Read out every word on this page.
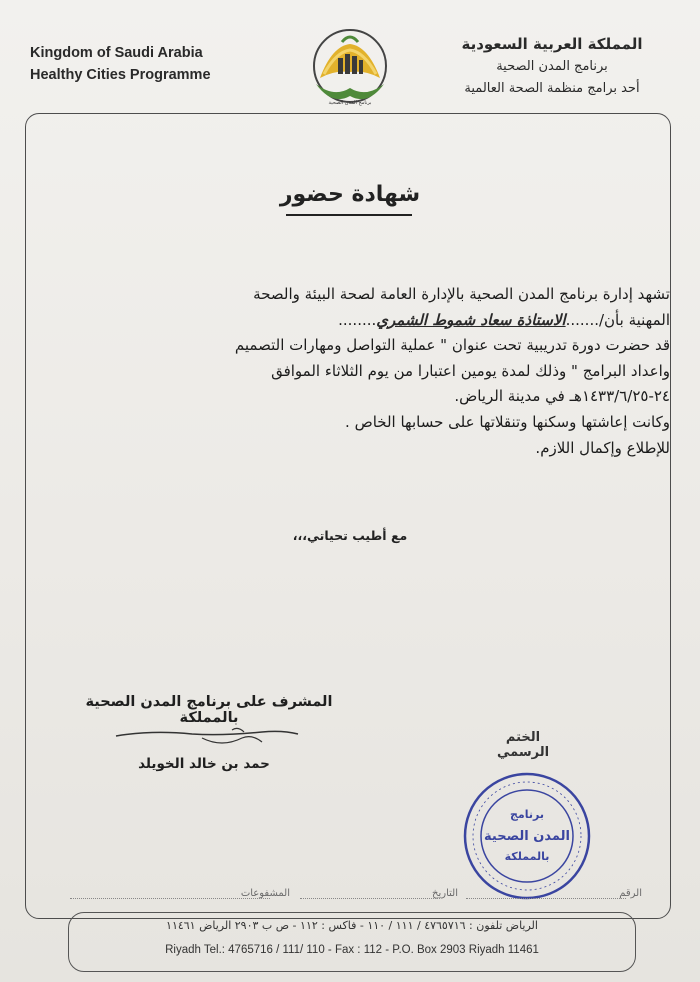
Kingdom of Saudi Arabia
Healthy Cities Programme
برنامج المدن الصحية
المملكة العربية السعودية
برنامج المدن الصحية
أحد برامج منظمة الصحة العالمية
شهادة حضور

تشهد إدارة برنامج المدن الصحية بالإدارة العامة لصحة البيئة والصحة

المهنية بأن/.......الاستاذة سعاد شموط الشمري........

قد حضرت دورة تدريبية تحت عنوان " عملية التواصل ومهارات التصميم

واعداد البرامج " وذلك لمدة يومين اعتبارا من يوم الثلاثاء الموافق

٢٤-١٤٣٣/٦/٢٥هـ في مدينة الرياض.

وكانت إعاشتها وسكنها وتنقلاتها على حسابها الخاص .

للإطلاع وإكمال اللازم.

مع أطيب تحياتي،،،
المشرف على برنامج المدن الصحية بالمملكة
حمد بن خالد الخويلد
الختم الرسمي
برنامج
المدن الصحية
بالمملكة
الرقم
التاريخ
المشفوعات
الرياض تلفون : ٤٧٦٥٧١٦ / ١١١ / ١١٠ - فاكس : ١١٢ - ص ب ٢٩٠٣ الرياض ١١٤٦١
Riyadh Tel.: 4765716 / 111/ 110 - Fax : 112 - P.O. Box 2903 Riyadh 11461
